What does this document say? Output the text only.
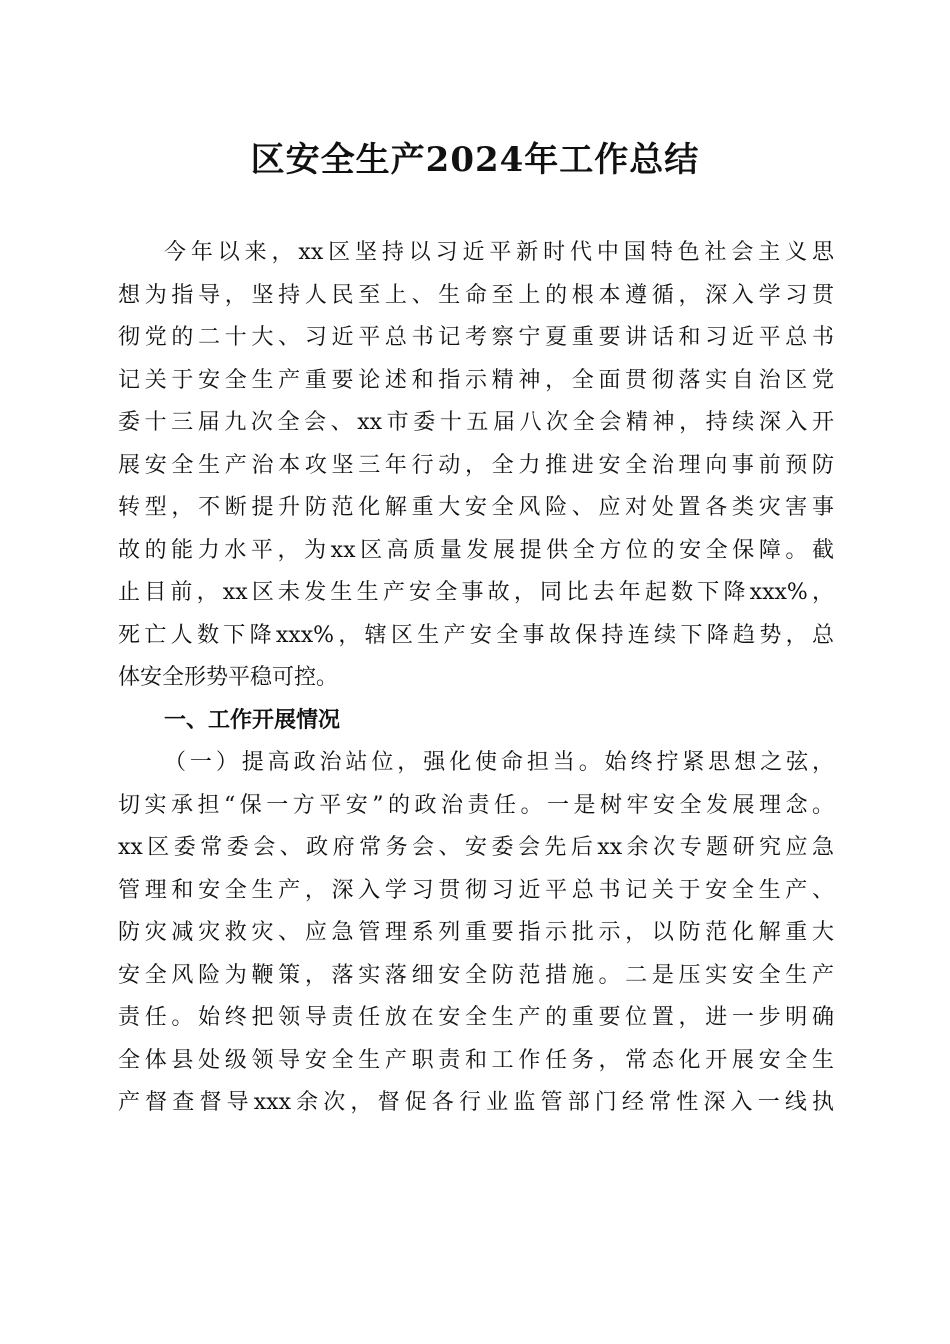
区安全生产2024年工作总结
今年以来，xx区坚持以习近平新时代中国特色社会主义思
想为指导，坚持人民至上、生命至上的根本遵循，深入学习贯
彻党的二十大、习近平总书记考察宁夏重要讲话和习近平总书
记关于安全生产重要论述和指示精神，全面贯彻落实自治区党
委十三届九次全会、xx市委十五届八次全会精神，持续深入开
展安全生产治本攻坚三年行动，全力推进安全治理向事前预防
转型，不断提升防范化解重大安全风险、应对处置各类灾害事
故的能力水平，为xx区高质量发展提供全方位的安全保障。截
止目前，xx区未发生生产安全事故，同比去年起数下降xxx%，
死亡人数下降xxx%，辖区生产安全事故保持连续下降趋势，总
体安全形势平稳可控。
一、工作开展情况
（一）提高政治站位，强化使命担当。始终拧紧思想之弦，
切实承担“保一方平安”的政治责任。一是树牢安全发展理念。
xx区委常委会、政府常务会、安委会先后xx余次专题研究应急
管理和安全生产，深入学习贯彻习近平总书记关于安全生产、
防灾减灾救灾、应急管理系列重要指示批示，以防范化解重大
安全风险为鞭策，落实落细安全防范措施。二是压实安全生产
责任。始终把领导责任放在安全生产的重要位置，进一步明确
全体县处级领导安全生产职责和工作任务，常态化开展安全生
产督查督导xxx余次，督促各行业监管部门经常性深入一线执
